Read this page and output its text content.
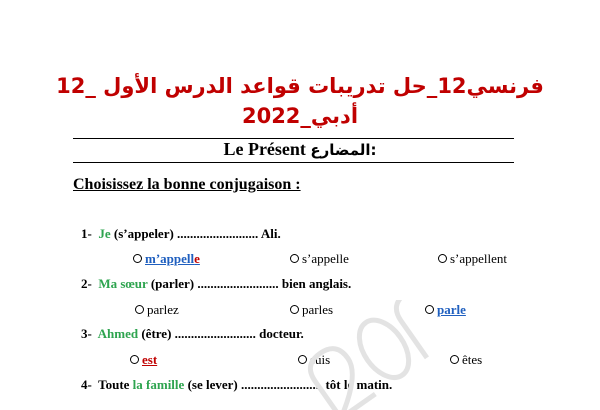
فرنسي12_حل تدريبات قواعد الدرس الأول _12
أدبي_2022
Le Présent المضارع:
Choisissez la bonne conjugaison :
1- Je (s’appeler) ......................... Ali.
m’appelle	s’appelle	s’appellent
2- Ma sœur (parler) ......................... bien anglais.
parlez	parles	parle
3- Ahmed (être) ......................... docteur.
est	suis	êtes
4- Toute la famille (se lever) ......................... tôt le matin.
